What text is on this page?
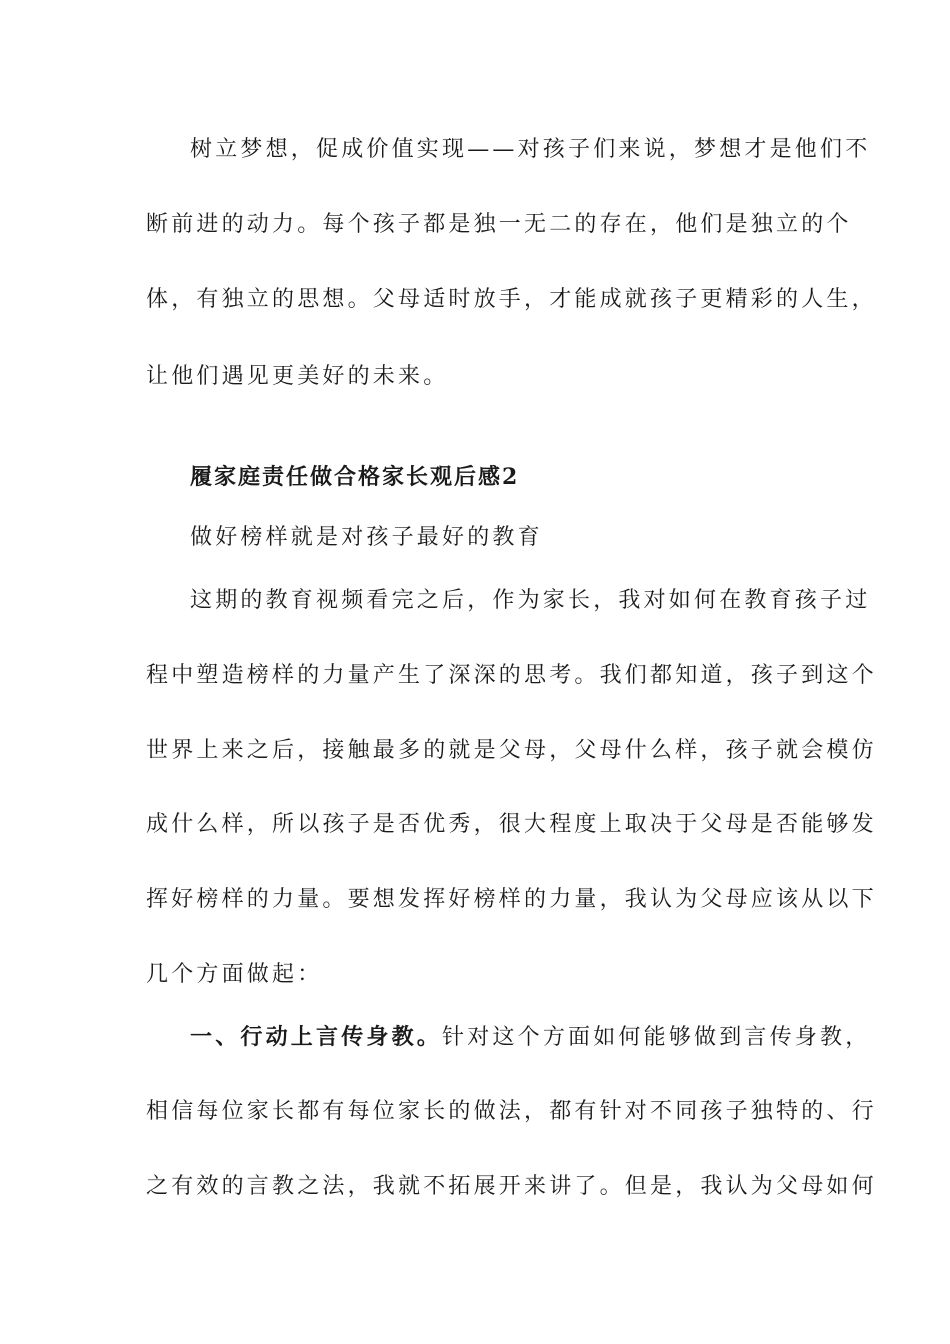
树立梦想，促成价值实现——对孩子们来说，梦想才是他们不
断前进的动力。每个孩子都是独一无二的存在，他们是独立的个
体，有独立的思想。父母适时放手，才能成就孩子更精彩的人生，
让他们遇见更美好的未来。
履家庭责任做合格家长观后感2
做好榜样就是对孩子最好的教育
这期的教育视频看完之后，作为家长，我对如何在教育孩子过
程中塑造榜样的力量产生了深深的思考。我们都知道，孩子到这个
世界上来之后，接触最多的就是父母，父母什么样，孩子就会模仿
成什么样，所以孩子是否优秀，很大程度上取决于父母是否能够发
挥好榜样的力量。要想发挥好榜样的力量，我认为父母应该从以下
几个方面做起：
一、行动上言传身教。针对这个方面如何能够做到言传身教，
相信每位家长都有每位家长的做法，都有针对不同孩子独特的、行
之有效的言教之法，我就不拓展开来讲了。但是，我认为父母如何
